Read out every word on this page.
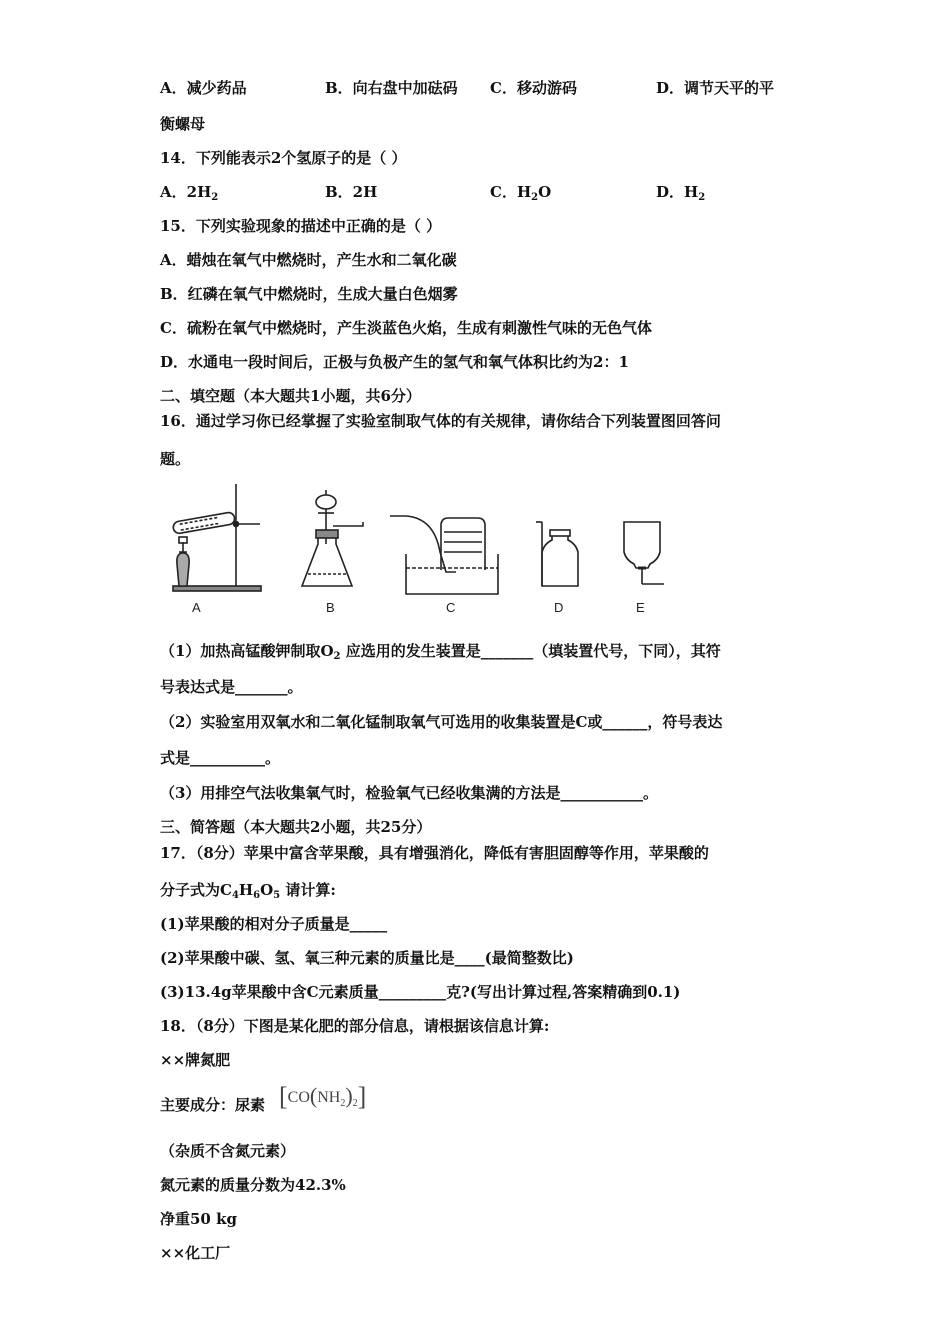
A．减少药品	B．向右盘中加砝码 C．移动游码	D．调节天平的平
衡螺母
14．下列能表示2个氢原子的是（ ）
A．$2H_2$	B．2H	C．$H_2O$	D．$H_2$
15．下列实验现象的描述中正确的是（ ）
A．蜡烛在氧气中燃烧时，产生水和二氧化碳
B．红磷在氧气中燃烧时，生成大量白色烟雾
C．硫粉在氧气中燃烧时，产生淡蓝色火焰，生成有刺激性气味的无色气体
D．水通电一段时间后，正极与负极产生的氢气和氧气体积比约为2：1
二、填空题（本大题共1小题，共6分）
16．通过学习你已经掌握了实验室制取气体的有关规律，请你结合下列装置图回答问
题。
A	B	C	D	E
（1）加热高锰酸钾制取$O_2$ 应选用的发生装置是_______（填装置代号，下同），其符
号表达式是_______。
（2）实验室用双氧水和二氧化锰制取氧气可选用的收集装置是C或______，符号表达
式是__________。
（3）用排空气法收集氧气时，检验氧气已经收集满的方法是___________。
三、简答题（本大题共2小题，共25分）
17．（8分）苹果中富含苹果酸，具有增强消化，降低有害胆固醇等作用，苹果酸的
分子式为$C_4H_6O_5$ 请计算:
(1)苹果酸的相对分子质量是_____
(2)苹果酸中碳、氢、氧三种元素的质量比是____(最简整数比)
(3)13.4g苹果酸中含C元素质量_________克?(写出计算过程,答案精确到0.1)
18．（8分）下图是某化肥的部分信息，请根据该信息计算:
××牌氮肥
主要成分：尿素 $[CO(NH_2)_2]$
（杂质不含氮元素）
氮元素的质量分数为42.3%
净重50 kg
××化工厂
